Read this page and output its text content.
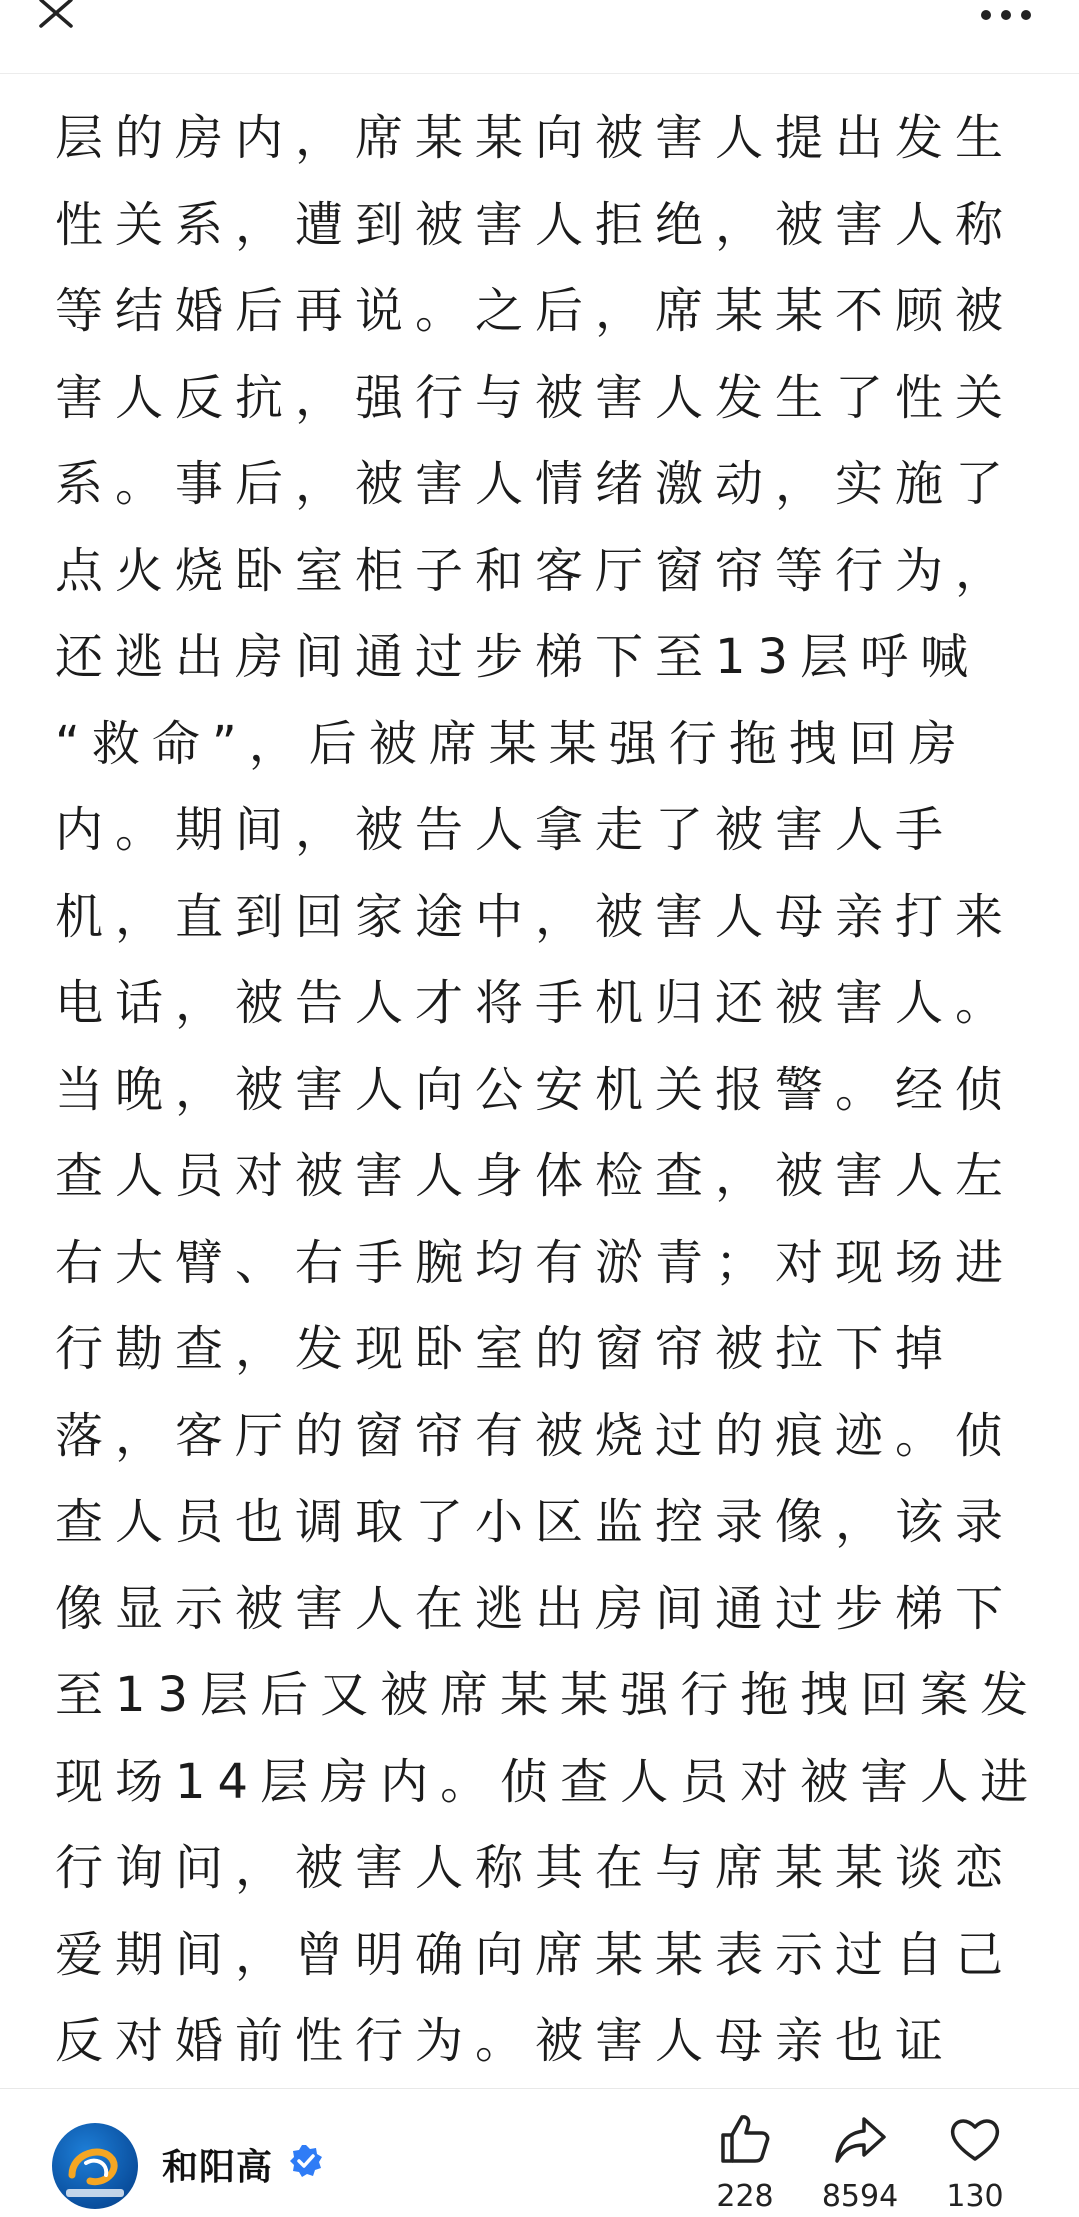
层的房内，席某某向被害人提出发生

性关系，遭到被害人拒绝，被害人称

等结婚后再说。之后，席某某不顾被

害人反抗，强行与被害人发生了性关

系。事后，被害人情绪激动，实施了

点火烧卧室柜子和客厅窗帘等行为，

还逃出房间通过步梯下至13层呼喊

“救命”，后被席某某强行拖拽回房

内。期间，被告人拿走了被害人手

机，直到回家途中，被害人母亲打来

电话，被告人才将手机归还被害人。

当晚，被害人向公安机关报警。经侦

查人员对被害人身体检查，被害人左

右大臂、右手腕均有淤青；对现场进

行勘查，发现卧室的窗帘被拉下掉

落，客厅的窗帘有被烧过的痕迹。侦

查人员也调取了小区监控录像，该录

像显示被害人在逃出房间通过步梯下

至13层后又被席某某强行拖拽回案发

现场14层房内。侦查人员对被害人进

行询问，被害人称其在与席某某谈恋

爱期间，曾明确向席某某表示过自己

反对婚前性行为。被害人母亲也证

和阳高
228	8594	130
